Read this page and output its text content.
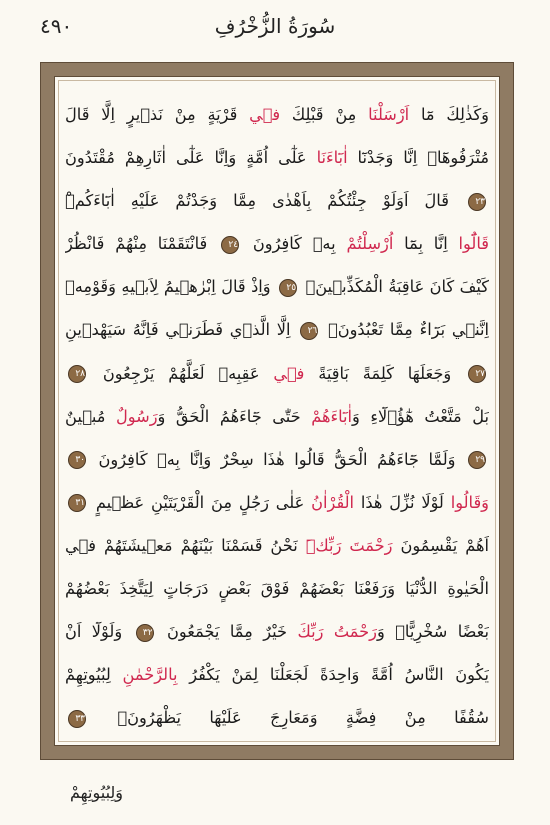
سُورَةُ الزُّخْرُفِ
٤٩٠
وَكَذٰلِكَ مَٓا اَرْسَلْنَا مِنْ قَبْلِكَ ف۪ي قَرْيَةٍ مِنْ نَذ۪يرٍ اِلَّا قَالَ
مُتْرَفُوهَٓاۙ اِنَّا وَجَدْنَٓا اٰبَٓاءَنَا عَلٰٓى اُمَّةٍ وَاِنَّا عَلٰٓى اٰثَارِهِمْ مُقْتَدُونَ
٢٣ قَالَ اَوَلَوْ جِئْتُكُمْ بِاَهْدٰى مِمَّا وَجَدْتُمْ عَلَيْهِ اٰبَٓاءَكُمْۜ
قَالُٓوا اِنَّا بِمَٓا اُرْسِلْتُمْ بِه۪ كَافِرُونَ ٢٤ فَانْتَقَمْنَا مِنْهُمْ فَانْظُرْ
كَيْفَ كَانَ عَاقِبَةُ الْمُكَذِّب۪ينَ۟ ٢٥ وَاِذْ قَالَ اِبْرٰه۪يمُ لِاَب۪يهِ وَقَوْمِه۪
اِنَّن۪ي بَرَٓاءٌ مِمَّا تَعْبُدُونَۙ ٢٦ اِلَّا الَّذ۪ي فَطَرَن۪ي فَاِنَّهُ سَيَهْد۪ينِ
٢٧ وَجَعَلَهَا كَلِمَةً بَاقِيَةً ف۪ي عَقِبِه۪ لَعَلَّهُمْ يَرْجِعُونَ ٢٨
بَلْ مَتَّعْتُ هٰٓؤُ۬لَٓاءِ وَاٰبَٓاءَهُمْ حَتّٰى جَٓاءَهُمُ الْحَقُّ وَرَسُولٌ مُب۪ينٌ
٢٩ وَلَمَّا جَٓاءَهُمُ الْحَقُّ قَالُوا هٰذَا سِحْرٌ وَاِنَّا بِه۪ كَافِرُونَ ٣٠
وَقَالُوا لَوْلَا نُزِّلَ هٰذَا الْقُرْاٰنُ عَلٰى رَجُلٍ مِنَ الْقَرْيَتَيْنِ عَظ۪يمٍ ٣١
اَهُمْ يَقْسِمُونَ رَحْمَتَ رَبِّكَۜ نَحْنُ قَسَمْنَا بَيْنَهُمْ مَع۪يشَتَهُمْ ف۪ي
الْحَيٰوةِ الدُّنْيَا وَرَفَعْنَا بَعْضَهُمْ فَوْقَ بَعْضٍ دَرَجَاتٍ لِيَتَّخِذَ بَعْضُهُمْ
بَعْضًا سُخْرِيًّاۜ وَرَحْمَتُ رَبِّكَ خَيْرٌ مِمَّا يَجْمَعُونَ ٣٢ وَلَوْلَٓا اَنْ
يَكُونَ النَّاسُ اُمَّةً وَاحِدَةً لَجَعَلْنَا لِمَنْ يَكْفُرُ بِالرَّحْمٰنِ لِبُيُوتِهِمْ
سُقُفًا مِنْ فِضَّةٍ وَمَعَارِجَ عَلَيْهَا يَظْهَرُونَۙ ٣٣
وَلِبُيُوتِهِمْ
